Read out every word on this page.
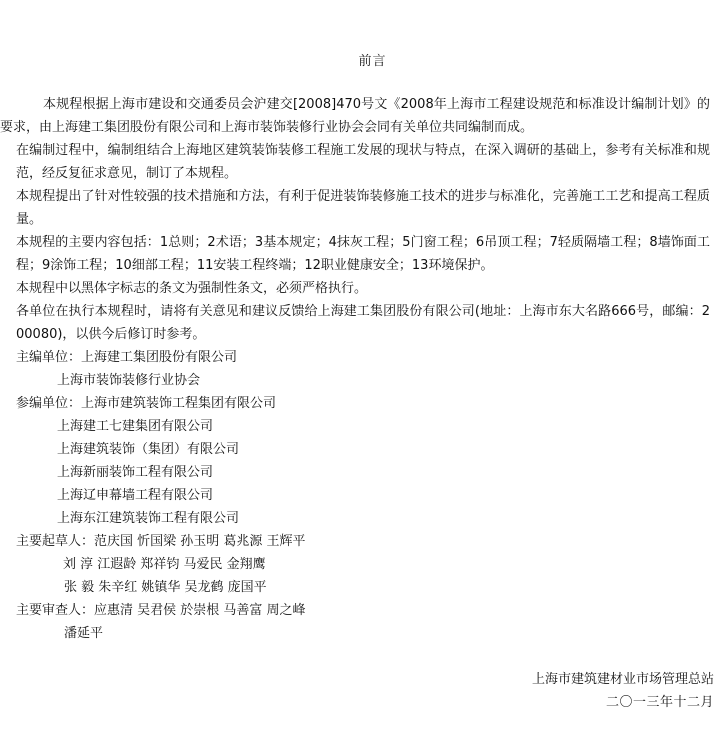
前言

本规程根据上海市建设和交通委员会沪建交[2008]470号文《2008年上海市工程建设规范和标准设计编制计划》的要求，由上海建工集团股份有限公司和上海市装饰装修行业协会会同有关单位共同编制而成。

在编制过程中，编制组结合上海地区建筑装饰装修工程施工发展的现状与特点，在深入调研的基础上，参考有关标准和规范，经反复征求意见，制订了本规程。

本规程提出了针对性较强的技术措施和方法，有利于促进装饰装修施工技术的进步与标准化，完善施工工艺和提高工程质量。

本规程的主要内容包括：1总则；2术语；3基本规定；4抹灰工程；5门窗工程；6吊顶工程；7轻质隔墙工程；8墙饰面工程；9涂饰工程；10细部工程；11安装工程终端；12职业健康安全；13环境保护。

本规程中以黑体字标志的条文为强制性条文，必须严格执行。

各单位在执行本规程时，请将有关意见和建议反馈给上海建工集团股份有限公司(地址：上海市东大名路666号，邮编：200080)，以供今后修订时参考。

主编单位：上海建工集团股份有限公司
上海市装饰装修行业协会
参编单位：上海市建筑装饰工程集团有限公司
上海建工七建集团有限公司
上海建筑装饰（集团）有限公司
上海新丽装饰工程有限公司
上海辽申幕墙工程有限公司
上海东江建筑装饰工程有限公司
主要起草人：范庆国 忻国梁 孙玉明 葛兆源 王辉平
刘 淳 江遐龄 郑祥钧 马爱民 金翔鹰
张 毅 朱辛红 姚镇华 吴龙鹤 庞国平
主要审查人：应惠清 吴君侯 於崇根 马善富 周之峰
潘延平
上海市建筑建材业市场管理总站
二〇一三年十二月
